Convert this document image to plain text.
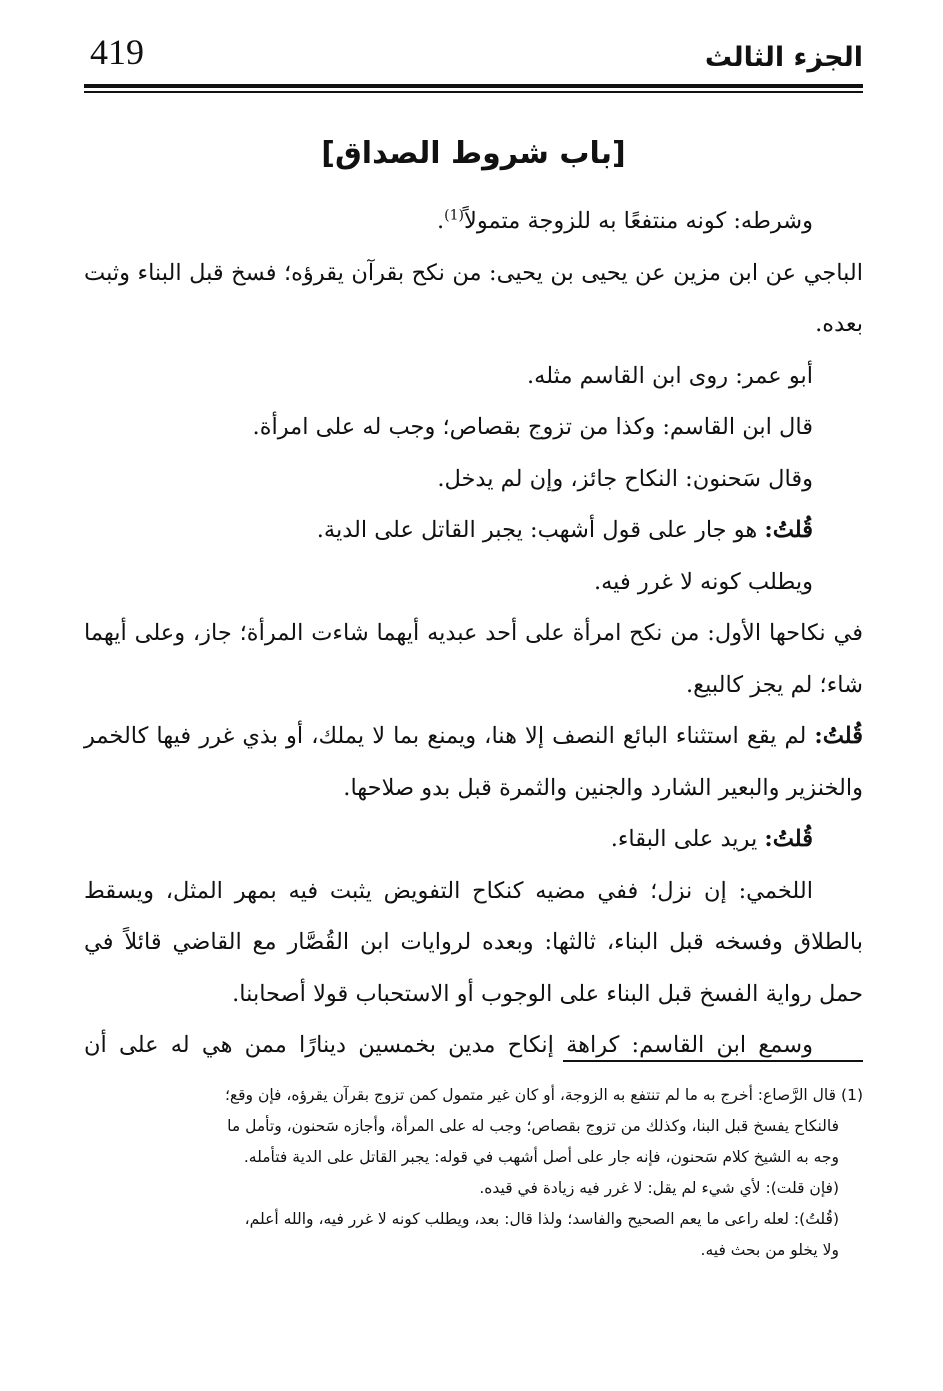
419	الجزء الثالث
[باب شروط الصداق]

وشرطه: كونه منتفعًا به للزوجة متمولاً$^{(1)}$.

الباجي عن ابن مزين عن يحيى بن يحيى: من نكح بقرآن يقرؤه؛ فسخ قبل البناء وثبت بعده.

أبو عمر: روى ابن القاسم مثله.

قال ابن القاسم: وكذا من تزوج بقصاص؛ وجب له على امرأة.

وقال سَحنون: النكاح جائز، وإن لم يدخل.

قُلتُ: هو جار على قول أشهب: يجبر القاتل على الدية.

ويطلب كونه لا غرر فيه.

في نكاحها الأول: من نكح امرأة على أحد عبديه أيهما شاءت المرأة؛ جاز، وعلى أيهما شاء؛ لم يجز كالبيع.

قُلتُ: لم يقع استثناء البائع النصف إلا هنا، ويمنع بما لا يملك، أو بذي غرر فيها كالخمر والخنزير والبعير الشارد والجنين والثمرة قبل بدو صلاحها.

قُلتُ: يريد على البقاء.

اللخمي: إن نزل؛ ففي مضيه كنكاح التفويض يثبت فيه بمهر المثل، ويسقط بالطلاق وفسخه قبل البناء، ثالثها: وبعده لروايات ابن القُصَّار مع القاضي قائلاً في حمل رواية الفسخ قبل البناء على الوجوب أو الاستحباب قولا أصحابنا.

وسمع ابن القاسم: كراهة إنكاح مدين بخمسين دينارًا ممن هي له على أن

(1) قال الرَّصاع: أخرج به ما لم تنتفع به الزوجة، أو كان غير متمول كمن تزوج بقرآن يقرؤه، فإن وقع؛

فالنكاح يفسخ قبل البنا، وكذلك من تزوج بقصاص؛ وجب له على المرأة، وأجازه سَحنون، وتأمل ما

وجه به الشيخ كلام سَحنون، فإنه جار على أصل أشهب في قوله: يجبر القاتل على الدية فتأمله.

(فإن قلت): لأي شيء لم يقل: لا غرر فيه زيادة في قيده.

(قُلتُ): لعله راعى ما يعم الصحيح والفاسد؛ ولذا قال: بعد، ويطلب كونه لا غرر فيه، والله أعلم،

ولا يخلو من بحث فيه.
